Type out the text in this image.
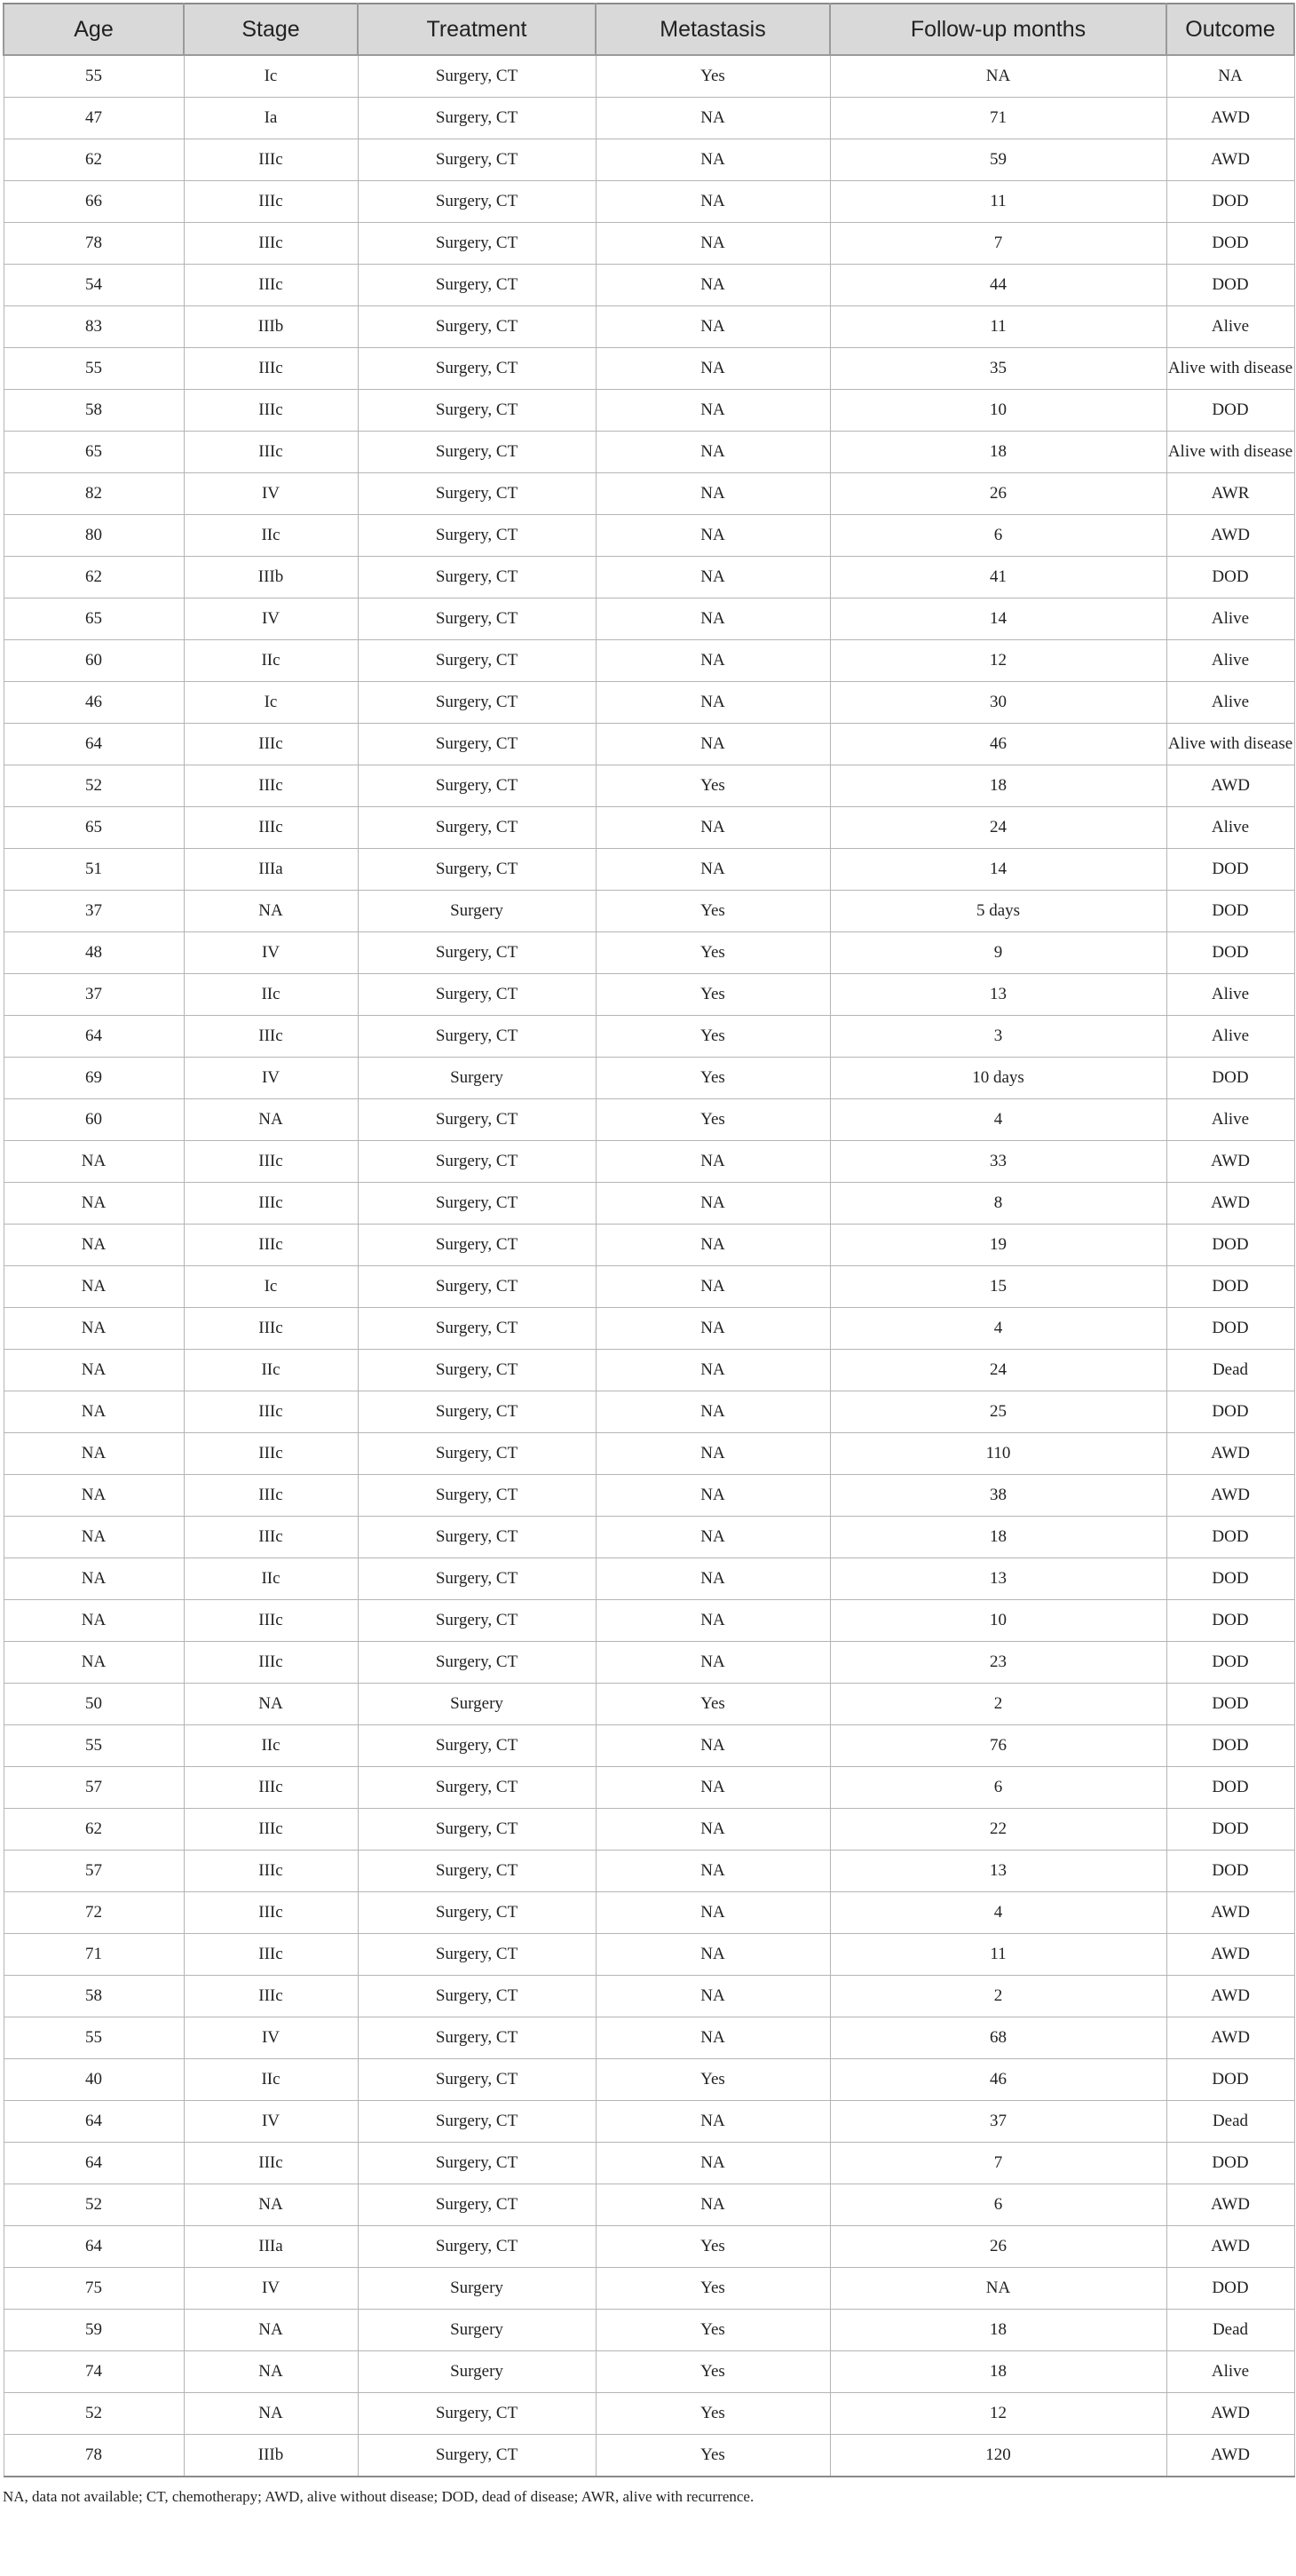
Age	Stage	Treatment	Metastasis	Follow-up months	Outcome
55	Ic	Surgery, CT	Yes	NA	NA
47	Ia	Surgery, CT	NA	71	AWD
62	IIIc	Surgery, CT	NA	59	AWD
66	IIIc	Surgery, CT	NA	11	DOD
78	IIIc	Surgery, CT	NA	7	DOD
54	IIIc	Surgery, CT	NA	44	DOD
83	IIIb	Surgery, CT	NA	11	Alive
55	IIIc	Surgery, CT	NA	35	Alive with disease
58	IIIc	Surgery, CT	NA	10	DOD
65	IIIc	Surgery, CT	NA	18	Alive with disease
82	IV	Surgery, CT	NA	26	AWR
80	IIc	Surgery, CT	NA	6	AWD
62	IIIb	Surgery, CT	NA	41	DOD
65	IV	Surgery, CT	NA	14	Alive
60	IIc	Surgery, CT	NA	12	Alive
46	Ic	Surgery, CT	NA	30	Alive
64	IIIc	Surgery, CT	NA	46	Alive with disease
52	IIIc	Surgery, CT	Yes	18	AWD
65	IIIc	Surgery, CT	NA	24	Alive
51	IIIa	Surgery, CT	NA	14	DOD
37	NA	Surgery	Yes	5 days	DOD
48	IV	Surgery, CT	Yes	9	DOD
37	IIc	Surgery, CT	Yes	13	Alive
64	IIIc	Surgery, CT	Yes	3	Alive
69	IV	Surgery	Yes	10 days	DOD
60	NA	Surgery, CT	Yes	4	Alive
NA	IIIc	Surgery, CT	NA	33	AWD
NA	IIIc	Surgery, CT	NA	8	AWD
NA	IIIc	Surgery, CT	NA	19	DOD
NA	Ic	Surgery, CT	NA	15	DOD
NA	IIIc	Surgery, CT	NA	4	DOD
NA	IIc	Surgery, CT	NA	24	Dead
NA	IIIc	Surgery, CT	NA	25	DOD
NA	IIIc	Surgery, CT	NA	110	AWD
NA	IIIc	Surgery, CT	NA	38	AWD
NA	IIIc	Surgery, CT	NA	18	DOD
NA	IIc	Surgery, CT	NA	13	DOD
NA	IIIc	Surgery, CT	NA	10	DOD
NA	IIIc	Surgery, CT	NA	23	DOD
50	NA	Surgery	Yes	2	DOD
55	IIc	Surgery, CT	NA	76	DOD
57	IIIc	Surgery, CT	NA	6	DOD
62	IIIc	Surgery, CT	NA	22	DOD
57	IIIc	Surgery, CT	NA	13	DOD
72	IIIc	Surgery, CT	NA	4	AWD
71	IIIc	Surgery, CT	NA	11	AWD
58	IIIc	Surgery, CT	NA	2	AWD
55	IV	Surgery, CT	NA	68	AWD
40	IIc	Surgery, CT	Yes	46	DOD
64	IV	Surgery, CT	NA	37	Dead
64	IIIc	Surgery, CT	NA	7	DOD
52	NA	Surgery, CT	NA	6	AWD
64	IIIa	Surgery, CT	Yes	26	AWD
75	IV	Surgery	Yes	NA	DOD
59	NA	Surgery	Yes	18	Dead
74	NA	Surgery	Yes	18	Alive
52	NA	Surgery, CT	Yes	12	AWD
78	IIIb	Surgery, CT	Yes	120	AWD
NA, data not available; CT, chemotherapy; AWD, alive without disease; DOD, dead of disease; AWR, alive with recurrence.
